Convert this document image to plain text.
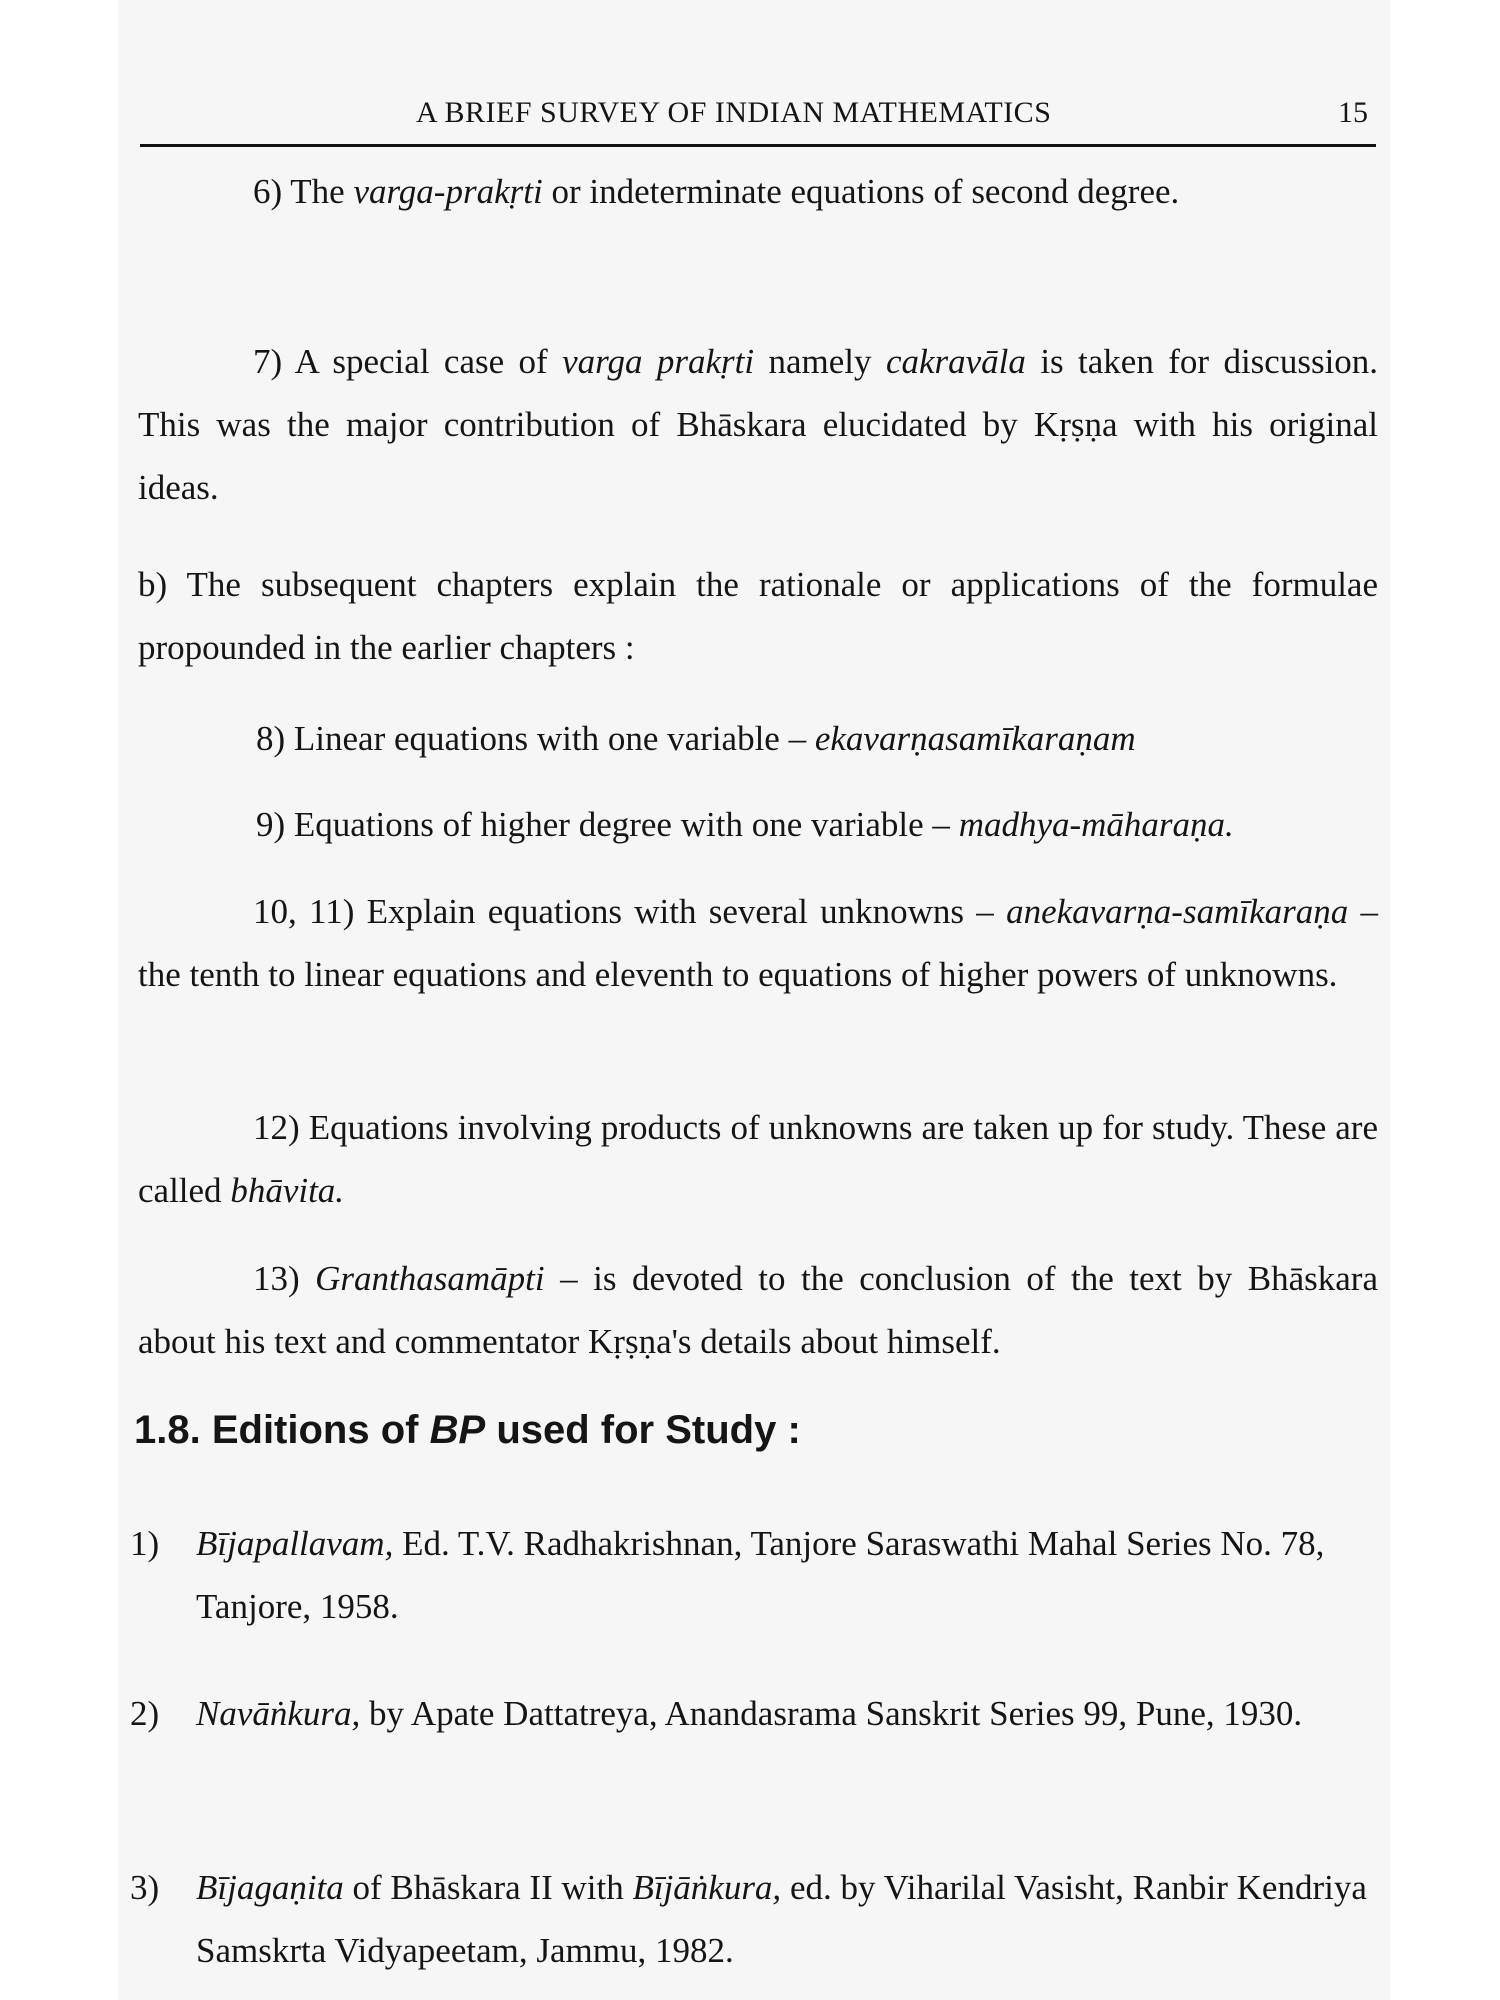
A BRIEF SURVEY OF INDIAN MATHEMATICS	15

6) The varga-prakṛti or indeterminate equations of second degree.

7) A special case of varga prakṛti namely cakravāla is taken for discussion. This was the major contribution of Bhāskara elucidated by Kṛṣṇa with his original ideas.

b) The subsequent chapters explain the rationale or applications of the formulae propounded in the earlier chapters :

8) Linear equations with one variable – ekavarṇasamīkaraṇam

9) Equations of higher degree with one variable – madhya-māharaṇa.

10, 11) Explain equations with several unknowns – anekavarṇa-samīkaraṇa – the tenth to linear equations and eleventh to equations of higher powers of unknowns.

12) Equations involving products of unknowns are taken up for study. These are called bhāvita.

13) Granthasamāpti – is devoted to the conclusion of the text by Bhāskara about his text and commentator Kṛṣṇa's details about himself.

1.8. Editions of BP used for Study :
1) Bījapallavam, Ed. T.V. Radhakrishnan, Tanjore Saraswathi Mahal Series No. 78, Tanjore, 1958.
2) Navāṅkura, by Apate Dattatreya, Anandasrama Sanskrit Series 99, Pune, 1930.
3) Bījagaṇita of Bhāskara II with Bījāṅkura, ed. by Viharilal Vasisht, Ranbir Kendriya Samskrta Vidyapeetam, Jammu, 1982.
